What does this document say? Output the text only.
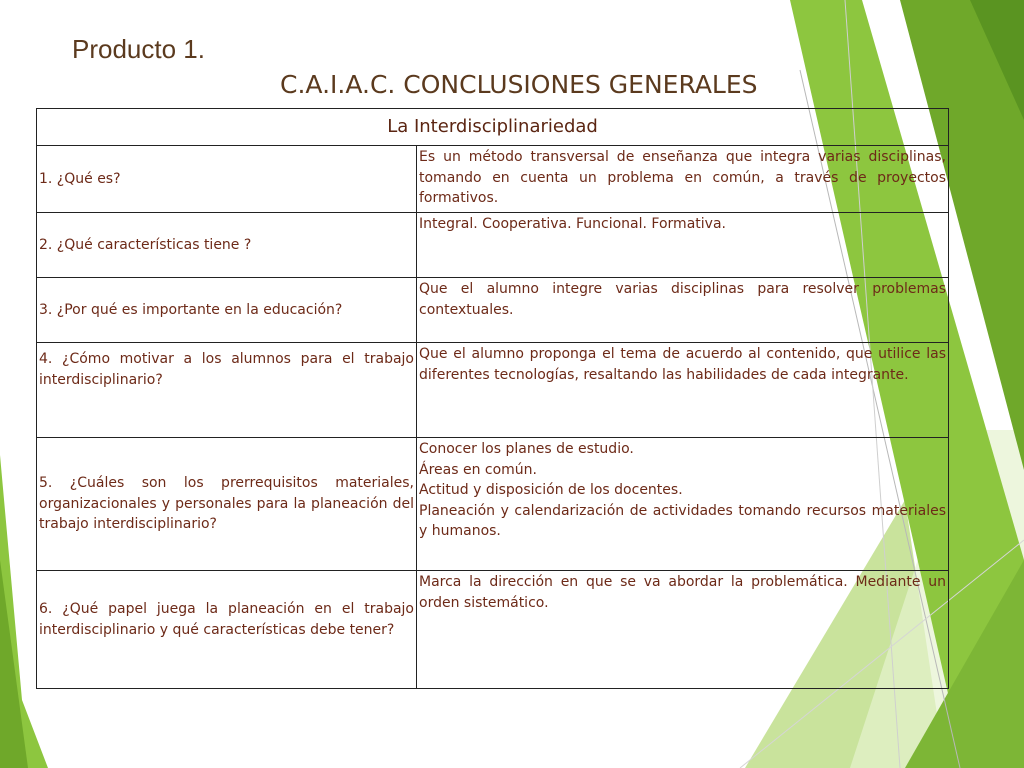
Producto 1.
C.A.I.A.C. CONCLUSIONES GENERALES
La Interdisciplinariedad	
1. ¿Qué es?	Es un método transversal de enseñanza que integra varias disciplinas, tomando en cuenta un problema en común, a través de proyectos formativos.

2. ¿Qué características tiene ?	Integral. Cooperativa. Funcional. Formativa.

3. ¿Por qué es importante en la educación?	Que el alumno integre varias disciplinas para resolver problemas contextuales.

4. ¿Cómo motivar a los alumnos para el trabajo interdisciplinario?	Que el alumno proponga el tema de acuerdo al contenido, que utilice las diferentes tecnologías, resaltando las habilidades de cada integrante.

5. ¿Cuáles son los prerrequisitos materiales, organizacionales y personales para la planeación del trabajo interdisciplinario?	Conocer los planes de estudio.
Áreas en común.
Actitud y disposición de los docentes.
Planeación y calendarización de actividades tomando recursos materiales y humanos.

6. ¿Qué papel juega la planeación en el trabajo interdisciplinario y qué características debe tener?	Marca la dirección en que se va abordar la problemática. Mediante un orden sistemático.
